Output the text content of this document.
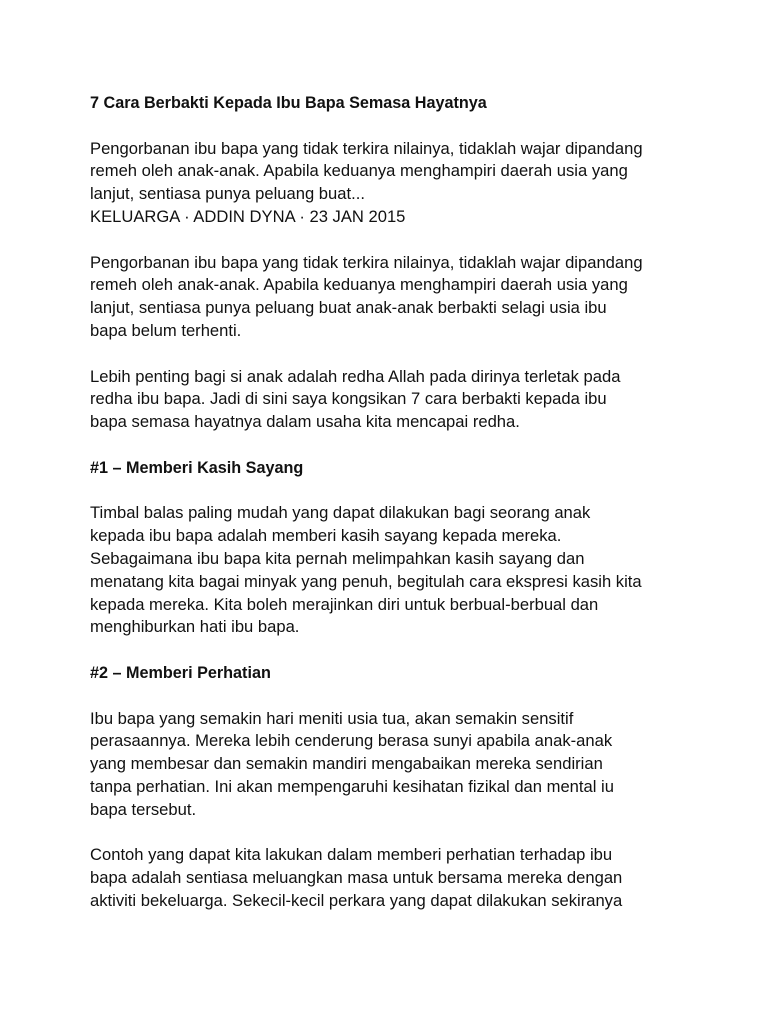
7 Cara Berbakti Kepada Ibu Bapa Semasa Hayatnya

Pengorbanan ibu bapa yang tidak terkira nilainya, tidaklah wajar dipandang
remeh oleh anak-anak. Apabila keduanya menghampiri daerah usia yang
lanjut, sentiasa punya peluang buat...

KELUARGA · ADDIN DYNA · 23 JAN 2015

Pengorbanan ibu bapa yang tidak terkira nilainya, tidaklah wajar dipandang
remeh oleh anak-anak. Apabila keduanya menghampiri daerah usia yang
lanjut, sentiasa punya peluang buat anak-anak berbakti selagi usia ibu
bapa belum terhenti.

Lebih penting bagi si anak adalah redha Allah pada dirinya terletak pada
redha ibu bapa. Jadi di sini saya kongsikan 7 cara berbakti kepada ibu
bapa semasa hayatnya dalam usaha kita mencapai redha.

#1 – Memberi Kasih Sayang

Timbal balas paling mudah yang dapat dilakukan bagi seorang anak
kepada ibu bapa adalah memberi kasih sayang kepada mereka.
Sebagaimana ibu bapa kita pernah melimpahkan kasih sayang dan
menatang kita bagai minyak yang penuh, begitulah cara ekspresi kasih kita
kepada mereka. Kita boleh merajinkan diri untuk berbual-berbual dan
menghiburkan hati ibu bapa.

#2 – Memberi Perhatian

Ibu bapa yang semakin hari meniti usia tua, akan semakin sensitif
perasaannya. Mereka lebih cenderung berasa sunyi apabila anak-anak
yang membesar dan semakin mandiri mengabaikan mereka sendirian
tanpa perhatian. Ini akan mempengaruhi kesihatan fizikal dan mental iu
bapa tersebut.

Contoh yang dapat kita lakukan dalam memberi perhatian terhadap ibu
bapa adalah sentiasa meluangkan masa untuk bersama mereka dengan
aktiviti bekeluarga. Sekecil-kecil perkara yang dapat dilakukan sekiranya
